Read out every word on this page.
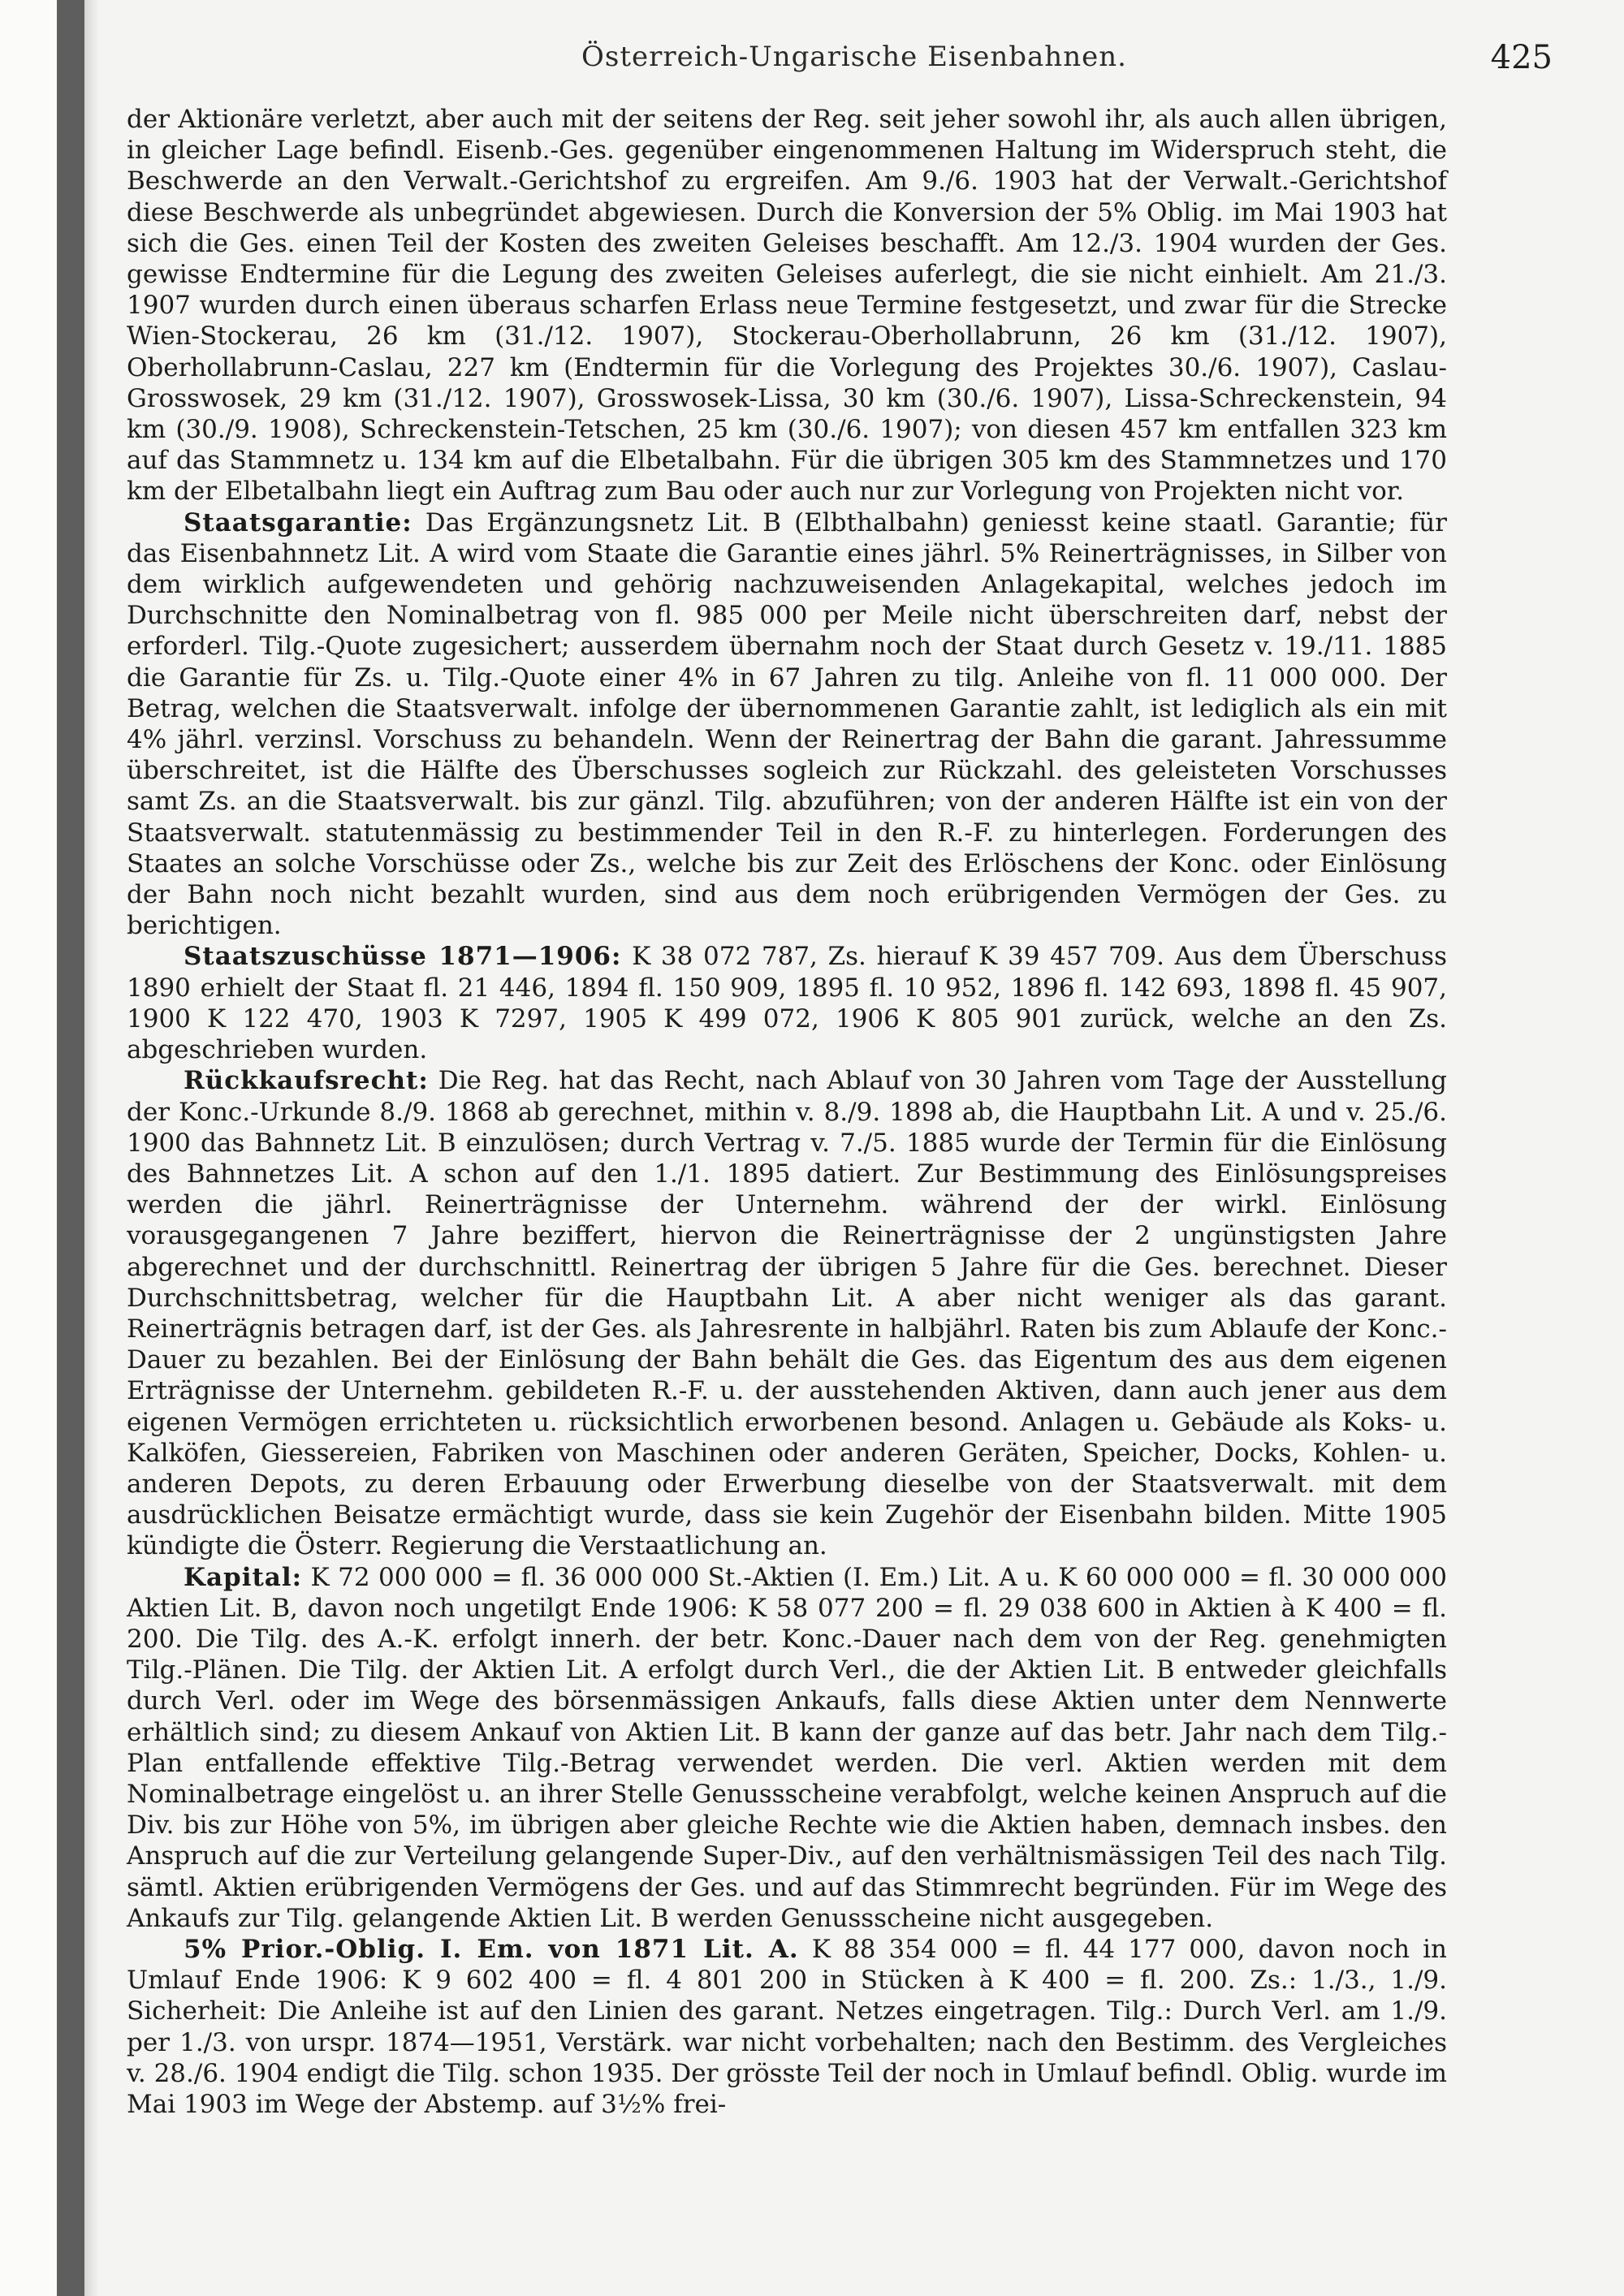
Österreich-Ungarische Eisenbahnen.	425

der Aktionäre verletzt, aber auch mit der seitens der Reg. seit jeher sowohl ihr, als auch allen übrigen, in gleicher Lage befindl. Eisenb.-Ges. gegenüber eingenommenen Haltung im Widerspruch steht, die Beschwerde an den Verwalt.-Gerichtshof zu ergreifen. Am 9./6. 1903 hat der Verwalt.-Gerichtshof diese Beschwerde als unbegründet abgewiesen. Durch die Konversion der 5% Oblig. im Mai 1903 hat sich die Ges. einen Teil der Kosten des zweiten Geleises beschafft. Am 12./3. 1904 wurden der Ges. gewisse Endtermine für die Legung des zweiten Geleises auferlegt, die sie nicht einhielt. Am 21./3. 1907 wurden durch einen überaus scharfen Erlass neue Termine festgesetzt, und zwar für die Strecke Wien-Stockerau, 26 km (31./12. 1907), Stockerau-Oberhollabrunn, 26 km (31./12. 1907), Oberhollabrunn-Caslau, 227 km (Endtermin für die Vorlegung des Projektes 30./6. 1907), Caslau-Grosswosek, 29 km (31./12. 1907), Grosswosek-Lissa, 30 km (30./6. 1907), Lissa-Schreckenstein, 94 km (30./9. 1908), Schreckenstein-Tetschen, 25 km (30./6. 1907); von diesen 457 km entfallen 323 km auf das Stammnetz u. 134 km auf die Elbetalbahn. Für die übrigen 305 km des Stammnetzes und 170 km der Elbetalbahn liegt ein Auftrag zum Bau oder auch nur zur Vorlegung von Projekten nicht vor.

Staatsgarantie: Das Ergänzungsnetz Lit. B (Elbthalbahn) geniesst keine staatl. Garantie; für das Eisenbahnnetz Lit. A wird vom Staate die Garantie eines jährl. 5% Reinerträgnisses, in Silber von dem wirklich aufgewendeten und gehörig nachzuweisenden Anlagekapital, welches jedoch im Durchschnitte den Nominalbetrag von fl. 985 000 per Meile nicht überschreiten darf, nebst der erforderl. Tilg.-Quote zugesichert; ausserdem übernahm noch der Staat durch Gesetz v. 19./11. 1885 die Garantie für Zs. u. Tilg.-Quote einer 4% in 67 Jahren zu tilg. Anleihe von fl. 11 000 000. Der Betrag, welchen die Staatsverwalt. infolge der übernommenen Garantie zahlt, ist lediglich als ein mit 4% jährl. verzinsl. Vorschuss zu behandeln. Wenn der Reinertrag der Bahn die garant. Jahressumme überschreitet, ist die Hälfte des Überschusses sogleich zur Rückzahl. des geleisteten Vorschusses samt Zs. an die Staatsverwalt. bis zur gänzl. Tilg. abzuführen; von der anderen Hälfte ist ein von der Staatsverwalt. statutenmässig zu bestimmender Teil in den R.-F. zu hinterlegen. Forderungen des Staates an solche Vorschüsse oder Zs., welche bis zur Zeit des Erlöschens der Konc. oder Einlösung der Bahn noch nicht bezahlt wurden, sind aus dem noch erübrigenden Vermögen der Ges. zu berichtigen.

Staatszuschüsse 1871—1906: K 38 072 787, Zs. hierauf K 39 457 709. Aus dem Überschuss 1890 erhielt der Staat fl. 21 446, 1894 fl. 150 909, 1895 fl. 10 952, 1896 fl. 142 693, 1898 fl. 45 907, 1900 K 122 470, 1903 K 7297, 1905 K 499 072, 1906 K 805 901 zurück, welche an den Zs. abgeschrieben wurden.

Rückkaufsrecht: Die Reg. hat das Recht, nach Ablauf von 30 Jahren vom Tage der Ausstellung der Konc.-Urkunde 8./9. 1868 ab gerechnet, mithin v. 8./9. 1898 ab, die Hauptbahn Lit. A und v. 25./6. 1900 das Bahnnetz Lit. B einzulösen; durch Vertrag v. 7./5. 1885 wurde der Termin für die Einlösung des Bahnnetzes Lit. A schon auf den 1./1. 1895 datiert. Zur Bestimmung des Einlösungspreises werden die jährl. Reinerträgnisse der Unternehm. während der der wirkl. Einlösung vorausgegangenen 7 Jahre beziffert, hiervon die Reinerträgnisse der 2 ungünstigsten Jahre abgerechnet und der durchschnittl. Reinertrag der übrigen 5 Jahre für die Ges. berechnet. Dieser Durchschnittsbetrag, welcher für die Hauptbahn Lit. A aber nicht weniger als das garant. Reinerträgnis betragen darf, ist der Ges. als Jahresrente in halbjährl. Raten bis zum Ablaufe der Konc.-Dauer zu bezahlen. Bei der Einlösung der Bahn behält die Ges. das Eigentum des aus dem eigenen Erträgnisse der Unternehm. gebildeten R.-F. u. der ausstehenden Aktiven, dann auch jener aus dem eigenen Vermögen errichteten u. rücksichtlich erworbenen besond. Anlagen u. Gebäude als Koks- u. Kalköfen, Giessereien, Fabriken von Maschinen oder anderen Geräten, Speicher, Docks, Kohlen- u. anderen Depots, zu deren Erbauung oder Erwerbung dieselbe von der Staatsverwalt. mit dem ausdrücklichen Beisatze ermächtigt wurde, dass sie kein Zugehör der Eisenbahn bilden. Mitte 1905 kündigte die Österr. Regierung die Verstaatlichung an.

Kapital: K 72 000 000 = fl. 36 000 000 St.-Aktien (I. Em.) Lit. A u. K 60 000 000 = fl. 30 000 000 Aktien Lit. B, davon noch ungetilgt Ende 1906: K 58 077 200 = fl. 29 038 600 in Aktien à K 400 = fl. 200. Die Tilg. des A.-K. erfolgt innerh. der betr. Konc.-Dauer nach dem von der Reg. genehmigten Tilg.-Plänen. Die Tilg. der Aktien Lit. A erfolgt durch Verl., die der Aktien Lit. B entweder gleichfalls durch Verl. oder im Wege des börsenmässigen Ankaufs, falls diese Aktien unter dem Nennwerte erhältlich sind; zu diesem Ankauf von Aktien Lit. B kann der ganze auf das betr. Jahr nach dem Tilg.-Plan entfallende effektive Tilg.-Betrag verwendet werden. Die verl. Aktien werden mit dem Nominalbetrage eingelöst u. an ihrer Stelle Genussscheine verabfolgt, welche keinen Anspruch auf die Div. bis zur Höhe von 5%, im übrigen aber gleiche Rechte wie die Aktien haben, demnach insbes. den Anspruch auf die zur Verteilung gelangende Super-Div., auf den verhältnismässigen Teil des nach Tilg. sämtl. Aktien erübrigenden Vermögens der Ges. und auf das Stimmrecht begründen. Für im Wege des Ankaufs zur Tilg. gelangende Aktien Lit. B werden Genussscheine nicht ausgegeben.

5% Prior.-Oblig. I. Em. von 1871 Lit. A. K 88 354 000 = fl. 44 177 000, davon noch in Umlauf Ende 1906: K 9 602 400 = fl. 4 801 200 in Stücken à K 400 = fl. 200. Zs.: 1./3., 1./9. Sicherheit: Die Anleihe ist auf den Linien des garant. Netzes eingetragen. Tilg.: Durch Verl. am 1./9. per 1./3. von urspr. 1874—1951, Verstärk. war nicht vorbehalten; nach den Bestimm. des Vergleiches v. 28./6. 1904 endigt die Tilg. schon 1935. Der grösste Teil der noch in Umlauf befindl. Oblig. wurde im Mai 1903 im Wege der Abstemp. auf 3½% frei-
